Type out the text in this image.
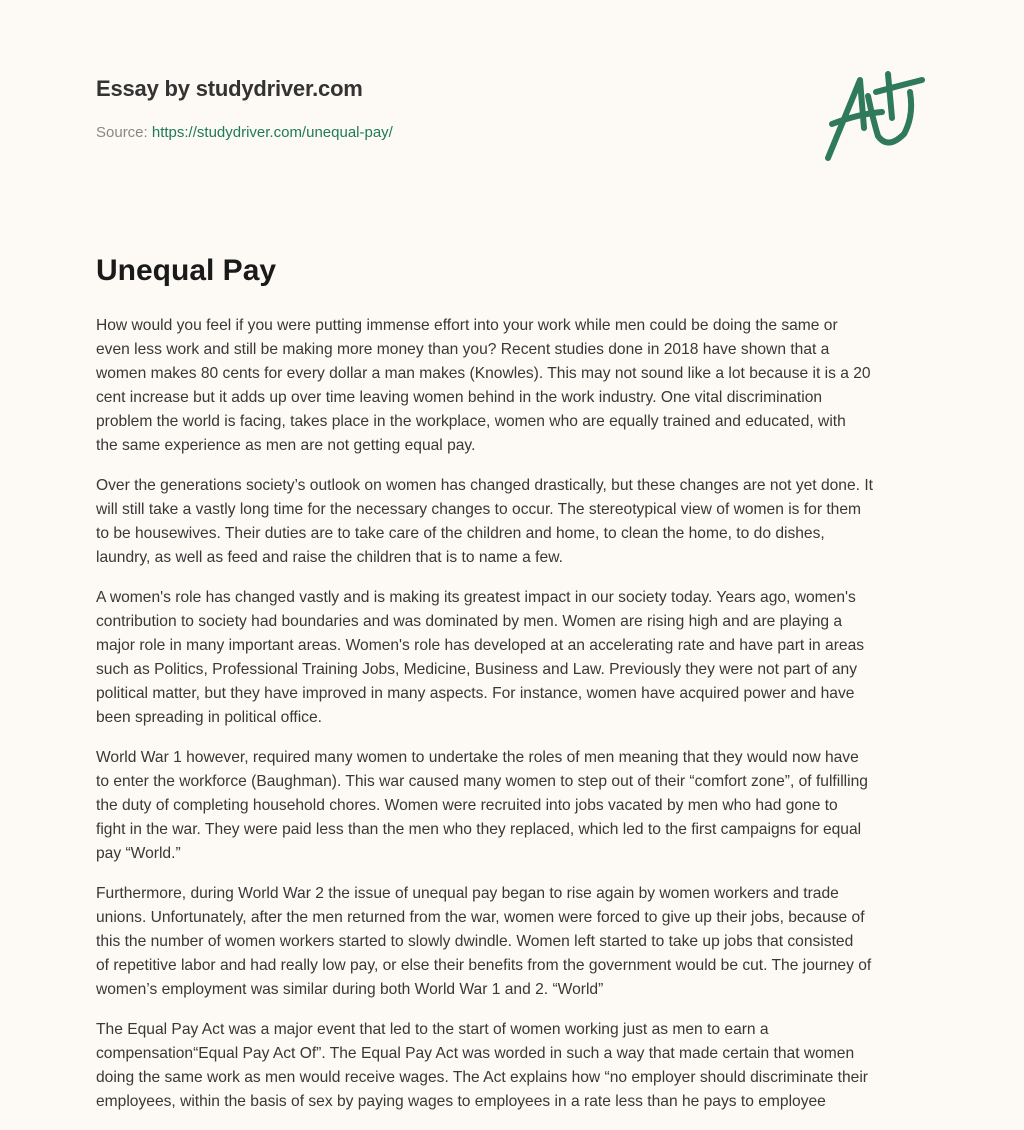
Essay by studydriver.com
Source: https://studydriver.com/unequal-pay/
Unequal Pay

How would you feel if you were putting immense effort into your work while men could be doing the same or
even less work and still be making more money than you? Recent studies done in 2018 have shown that a
women makes 80 cents for every dollar a man makes (Knowles). This may not sound like a lot because it is a 20
cent increase but it adds up over time leaving women behind in the work industry. One vital discrimination
problem the world is facing, takes place in the workplace, women who are equally trained and educated, with
the same experience as men are not getting equal pay.

Over the generations society’s outlook on women has changed drastically, but these changes are not yet done. It
will still take a vastly long time for the necessary changes to occur. The stereotypical view of women is for them
to be housewives. Their duties are to take care of the children and home, to clean the home, to do dishes,
laundry, as well as feed and raise the children that is to name a few.

A women's role has changed vastly and is making its greatest impact in our society today. Years ago, women's
contribution to society had boundaries and was dominated by men. Women are rising high and are playing a
major role in many important areas. Women's role has developed at an accelerating rate and have part in areas
such as Politics, Professional Training Jobs, Medicine, Business and Law. Previously they were not part of any
political matter, but they have improved in many aspects. For instance, women have acquired power and have
been spreading in political office.

World War 1 however, required many women to undertake the roles of men meaning that they would now have
to enter the workforce (Baughman). This war caused many women to step out of their “comfort zone”, of fulfilling
the duty of completing household chores. Women were recruited into jobs vacated by men who had gone to
fight in the war. They were paid less than the men who they replaced, which led to the first campaigns for equal
pay “World.”

Furthermore, during World War 2 the issue of unequal pay began to rise again by women workers and trade
unions. Unfortunately, after the men returned from the war, women were forced to give up their jobs, because of
this the number of women workers started to slowly dwindle. Women left started to take up jobs that consisted
of repetitive labor and had really low pay, or else their benefits from the government would be cut. The journey of
women’s employment was similar during both World War 1 and 2. “World”

The Equal Pay Act was a major event that led to the start of women working just as men to earn a
compensation“Equal Pay Act Of”. The Equal Pay Act was worded in such a way that made certain that women
doing the same work as men would receive wages. The Act explains how “no employer should discriminate their
employees, within the basis of sex by paying wages to employees in a rate less than he pays to employee
